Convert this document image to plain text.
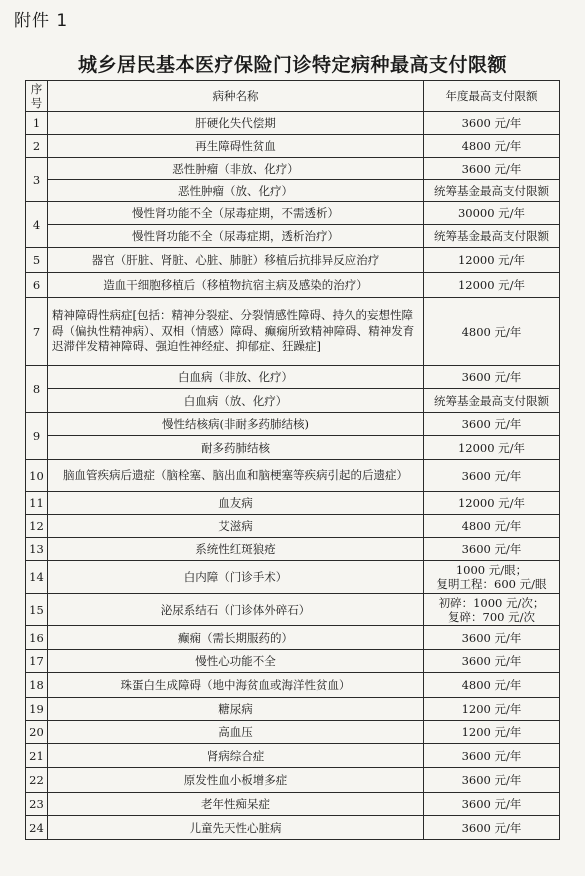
附件 1
城乡居民基本医疗保险门诊特定病种最高支付限额
序号	病种名称	年度最高支付限额
1	肝硬化失代偿期	3600 元/年
2	再生障碍性贫血	4800 元/年
3	恶性肿瘤（非放、化疗）	3600 元/年
	恶性肿瘤（放、化疗）	统筹基金最高支付限额
4	慢性肾功能不全（尿毒症期，不需透析）	30000 元/年
	慢性肾功能不全（尿毒症期，透析治疗）	统筹基金最高支付限额
5	器官（肝脏、肾脏、心脏、肺脏）移植后抗排异反应治疗	12000 元/年
6	造血干细胞移植后（移植物抗宿主病及感染的治疗）	12000 元/年
7	精神障碍性病症[包括：精神分裂症、分裂情感性障碍、持久的妄想性障碍（偏执性精神病）、双相（情感）障碍、癫痫所致精神障碍、精神发育迟滞伴发精神障碍、强迫性神经症、抑郁症、狂躁症]	4800 元/年
8	白血病（非放、化疗）	3600 元/年
	白血病（放、化疗）	统筹基金最高支付限额
9	慢性结核病(非耐多药肺结核)	3600 元/年
	耐多药肺结核	12000 元/年
10	脑血管疾病后遗症（脑栓塞、脑出血和脑梗塞等疾病引起的后遗症）	3600 元/年
11	血友病	12000 元/年
12	艾滋病	4800 元/年
13	系统性红斑狼疮	3600 元/年
14	白内障（门诊手术）	1000 元/眼；
复明工程：600 元/眼
15	泌尿系结石（门诊体外碎石）	初碎：1000 元/次；
复碎：700 元/次
16	癫痫（需长期服药的）	3600 元/年
17	慢性心功能不全	3600 元/年
18	珠蛋白生成障碍（地中海贫血或海洋性贫血）	4800 元/年
19	糖尿病	1200 元/年
20	高血压	1200 元/年
21	肾病综合症	3600 元/年
22	原发性血小板增多症	3600 元/年
23	老年性痴呆症	3600 元/年
24	儿童先天性心脏病	3600 元/年
